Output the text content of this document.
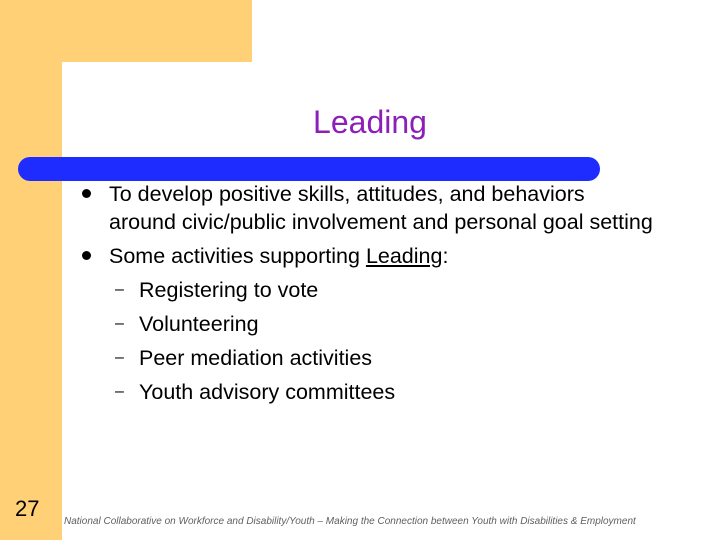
Leading
To develop positive skills, attitudes, and behaviors around civic/public involvement and personal goal setting
Some activities supporting Leading:
– Registering to vote
– Volunteering
– Peer mediation activities
– Youth advisory committees
27
National Collaborative on Workforce and Disability/Youth – Making the Connection between Youth with Disabilities & Employment
